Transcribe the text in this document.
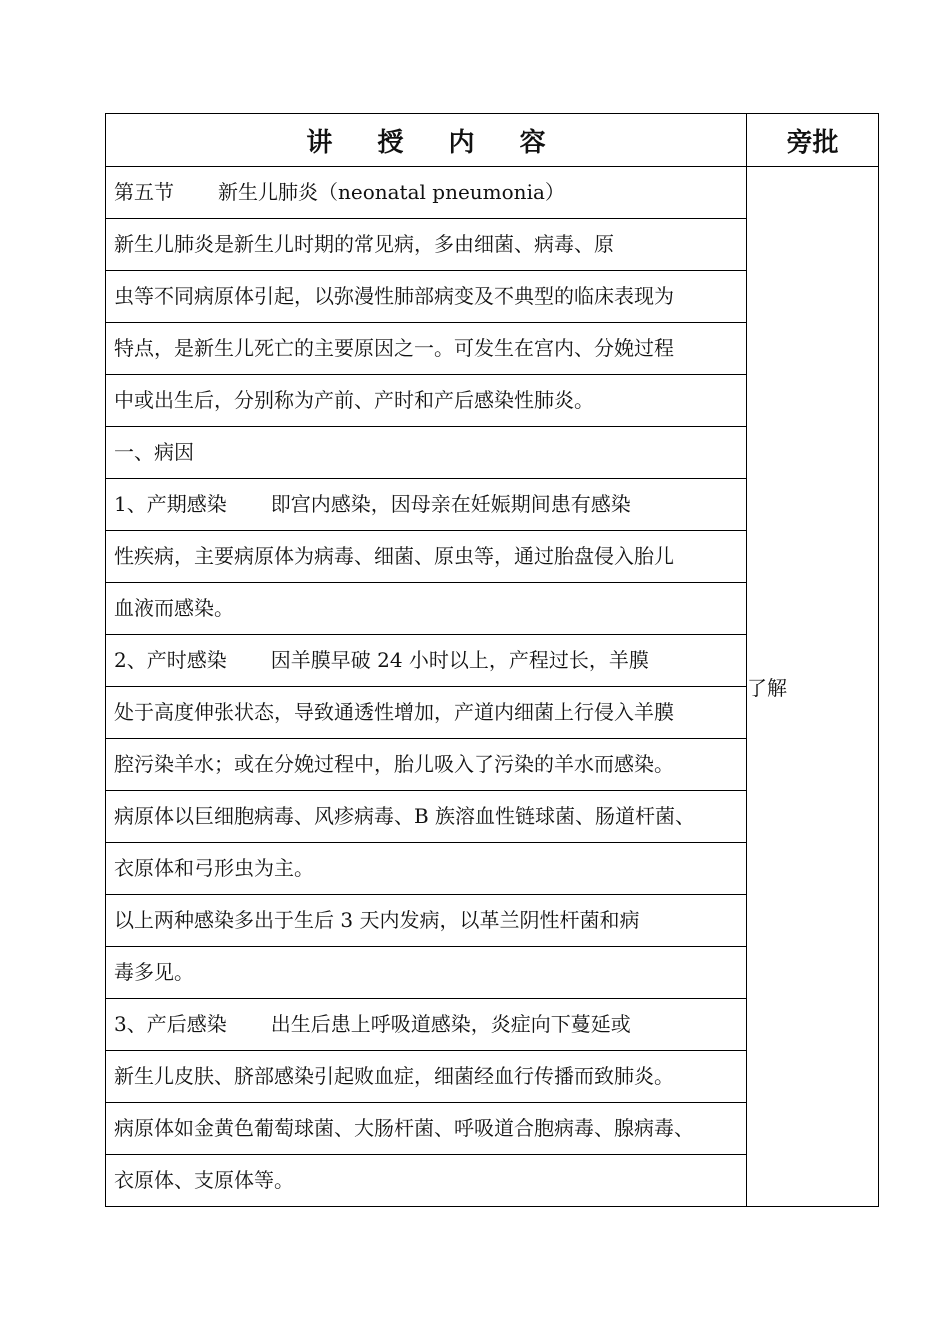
讲 授 内 容	旁批
第五节 新生儿肺炎（neonatal pneumonia）	了解
新生儿肺炎是新生儿时期的常见病，多由细菌、病毒、原	
虫等不同病原体引起，以弥漫性肺部病变及不典型的临床表现为	
特点，是新生儿死亡的主要原因之一。可发生在宫内、分娩过程	
中或出生后，分别称为产前、产时和产后感染性肺炎。	
一、病因	
1、产期感染 即宫内感染，因母亲在妊娠期间患有感染	
性疾病，主要病原体为病毒、细菌、原虫等，通过胎盘侵入胎儿	
血液而感染。	
2、产时感染 因羊膜早破 24 小时以上，产程过长，羊膜	
处于高度伸张状态，导致通透性增加，产道内细菌上行侵入羊膜	
腔污染羊水；或在分娩过程中，胎儿吸入了污染的羊水而感染。	
病原体以巨细胞病毒、风疹病毒、B 族溶血性链球菌、肠道杆菌、	
衣原体和弓形虫为主。	
以上两种感染多出于生后 3 天内发病，以革兰阴性杆菌和病	
毒多见。	
3、产后感染 出生后患上呼吸道感染，炎症向下蔓延或	
新生儿皮肤、脐部感染引起败血症，细菌经血行传播而致肺炎。	
病原体如金黄色葡萄球菌、大肠杆菌、呼吸道合胞病毒、腺病毒、	
衣原体、支原体等。	
